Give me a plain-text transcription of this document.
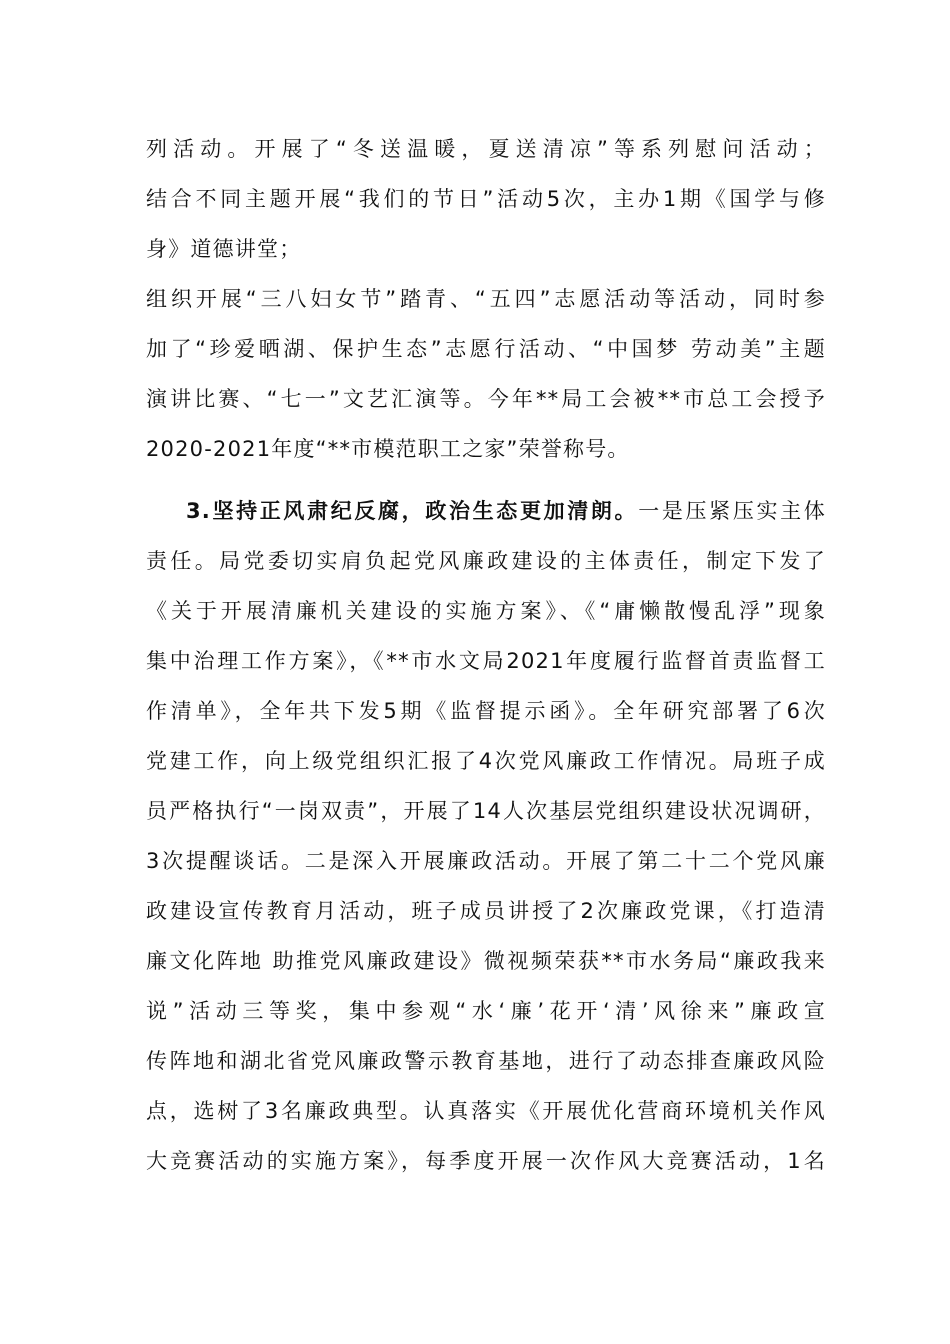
列活动。开展了“冬送温暖，夏送清凉”等系列慰问活动；
结合不同主题开展“我们的节日”活动5次，主办1期《国学与修
身》道德讲堂；
组织开展“三八妇女节”踏青、“五四”志愿活动等活动，同时参
加了“珍爱晒湖、保护生态”志愿行活动、“中国梦 劳动美”主题
演讲比赛、“七一”文艺汇演等。今年**局工会被**市总工会授予
2020-2021年度“**市模范职工之家”荣誉称号。
3.坚持正风肃纪反腐，政治生态更加清朗。一是压紧压实主体
责任。局党委切实肩负起党风廉政建设的主体责任，制定下发了
《关于开展清廉机关建设的实施方案》、《“庸懒散慢乱浮”现象
集中治理工作方案》，《**市水文局2021年度履行监督首责监督工
作清单》，全年共下发5期《监督提示函》。全年研究部署了6次
党建工作，向上级党组织汇报了4次党风廉政工作情况。局班子成
员严格执行“一岗双责”，开展了14人次基层党组织建设状况调研，
3次提醒谈话。二是深入开展廉政活动。开展了第二十二个党风廉
政建设宣传教育月活动，班子成员讲授了2次廉政党课，《打造清
廉文化阵地 助推党风廉政建设》微视频荣获**市水务局“廉政我来
说”活动三等奖，集中参观“水‘廉’花开‘清’风徐来”廉政宣
传阵地和湖北省党风廉政警示教育基地，进行了动态排查廉政风险
点，选树了3名廉政典型。认真落实《开展优化营商环境机关作风
大竞赛活动的实施方案》，每季度开展一次作风大竞赛活动，1名
